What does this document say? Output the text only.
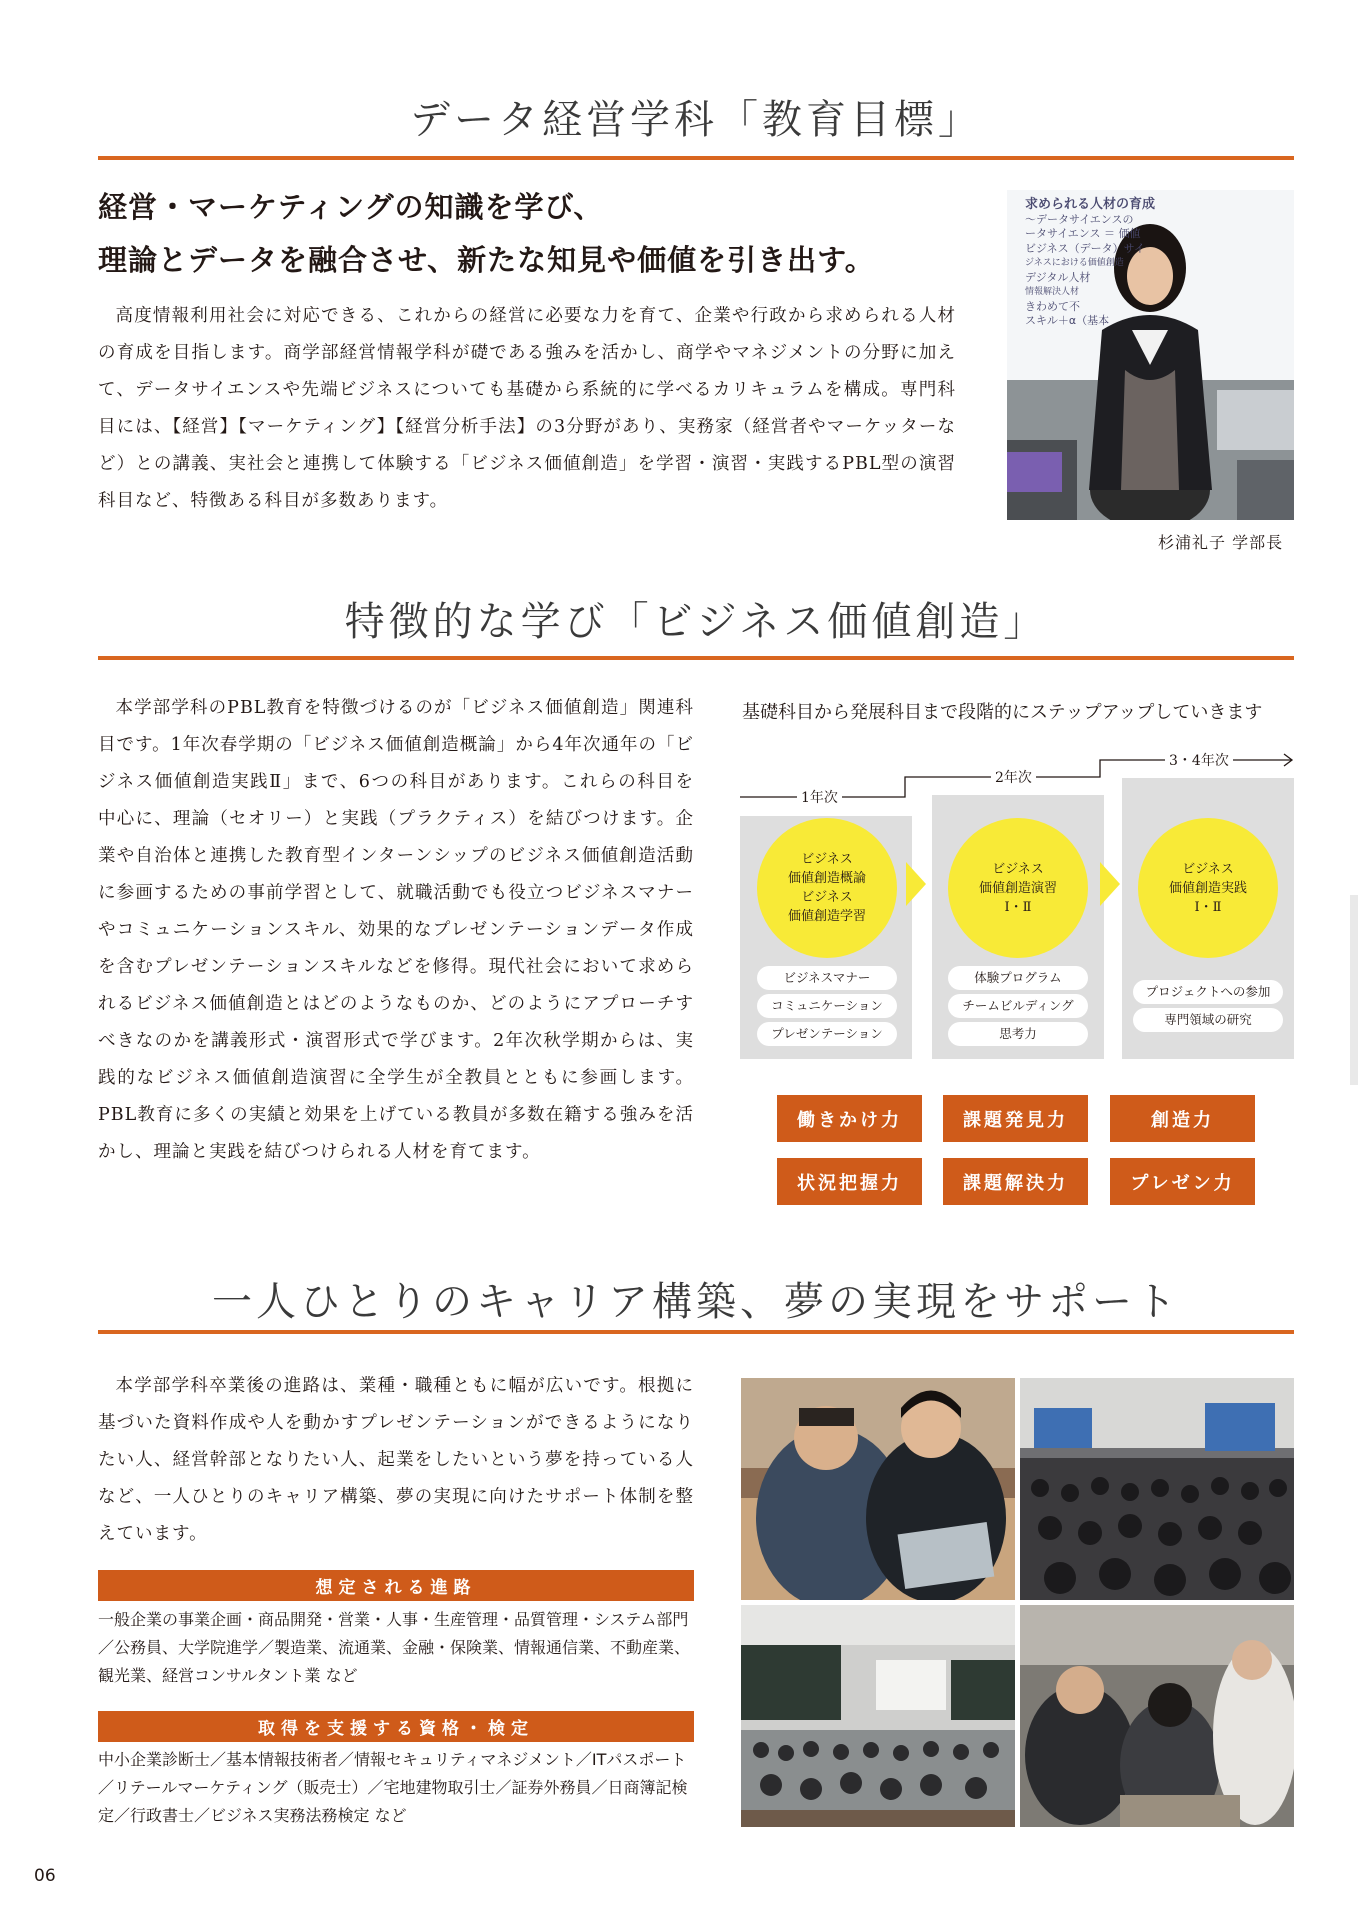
データ経営学科「教育目標」
経営・マーケティングの知識を学び、
理論とデータを融合させ、新たな知見や価値を引き出す。

高度情報利用社会に対応できる、これからの経営に必要な力を育て、企業や行政から求められる人材の育成を目指します。商学部経営情報学科が礎である強みを活かし、商学やマネジメントの分野に加えて、データサイエンスや先端ビジネスについても基礎から系統的に学べるカリキュラムを構成。専門科目には、【経営】【マーケティング】【経営分析手法】の3分野があり、実務家（経営者やマーケッターなど）との講義、実社会と連携して体験する「ビジネス価値創造」を学習・演習・実践するPBL型の演習科目など、特徴ある科目が多数あります。

求められる人材の育成
〜データサイエンスの
ータサイエンス ＝ 価値
ビジネス（データ）サイ
ジネスにおける価値創造
デジタル人材
情報解決人材
きわめて不
スキル＋α（基本
杉浦礼子 学部長
特徴的な学び「ビジネス価値創造」

本学部学科のPBL教育を特徴づけるのが「ビジネス価値創造」関連科目です。1年次春学期の「ビジネス価値創造概論」から4年次通年の「ビジネス価値創造実践Ⅱ」まで、6つの科目があります。これらの科目を中心に、理論（セオリー）と実践（プラクティス）を結びつけます。企業や自治体と連携した教育型インターンシップのビジネス価値創造活動に参画するための事前学習として、就職活動でも役立つビジネスマナーやコミュニケーションスキル、効果的なプレゼンテーションデータ作成を含むプレゼンテーションスキルなどを修得。現代社会において求められるビジネス価値創造とはどのようなものか、どのようにアプローチすべきなのかを講義形式・演習形式で学びます。2年次秋学期からは、実践的なビジネス価値創造演習に全学生が全教員とともに参画します。PBL教育に多くの実績と効果を上げている教員が多数在籍する強みを活かし、理論と実践を結びつけられる人材を育てます。

基礎科目から発展科目まで段階的にステップアップしていきます
1年次
2年次
3・4年次
ビジネス
価値創造概論
ビジネス
価値創造学習
ビジネス
価値創造演習
Ⅰ・Ⅱ
ビジネス
価値創造実践
Ⅰ・Ⅱ
ビジネスマナー
コミュニケーション
プレゼンテーション
体験プログラム
チームビルディング
思考力
プロジェクトへの参加
専門領域の研究
働きかけ力	課題発見力	創造力
状況把握力	課題解決力	プレゼン力
一人ひとりのキャリア構築、夢の実現をサポート

本学部学科卒業後の進路は、業種・職種ともに幅が広いです。根拠に基づいた資料作成や人を動かすプレゼンテーションができるようになりたい人、経営幹部となりたい人、起業をしたいという夢を持っている人など、一人ひとりのキャリア構築、夢の実現に向けたサポート体制を整えています。

想定される進路
一般企業の事業企画・商品開発・営業・人事・生産管理・品質管理・システム部門／公務員、大学院進学／製造業、流通業、金融・保険業、情報通信業、不動産業、観光業、経営コンサルタント業 など
取得を支援する資格・検定
中小企業診断士／基本情報技術者／情報セキュリティマネジメント／ITパスポート／リテールマーケティング（販売士）／宅地建物取引士／証券外務員／日商簿記検定／行政書士／ビジネス実務法務検定 など
06
